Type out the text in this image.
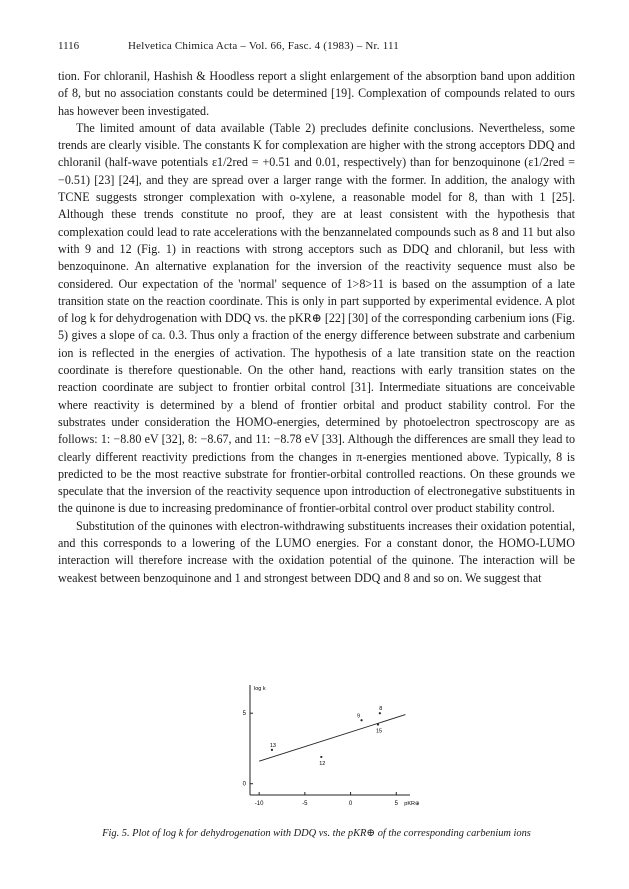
1116	Helvetica Chimica Acta – Vol. 66, Fasc. 4 (1983) – Nr. 111

tion. For chloranil, Hashish & Hoodless report a slight enlargement of the absorption band upon addition of 8, but no association constants could be determined [19]. Complexation of compounds related to ours has however been investigated.

The limited amount of data available (Table 2) precludes definite conclusions. Nevertheless, some trends are clearly visible. The constants K for complexation are higher with the strong acceptors DDQ and chloranil (half-wave potentials ε1/2red = +0.51 and 0.01, respectively) than for benzoquinone (ε1/2red = −0.51) [23] [24], and they are spread over a larger range with the former. In addition, the analogy with TCNE suggests stronger complexation with o-xylene, a reasonable model for 8, than with 1 [25]. Although these trends constitute no proof, they are at least consistent with the hypothesis that complexation could lead to rate accelerations with the benzannelated compounds such as 8 and 11 but also with 9 and 12 (Fig. 1) in reactions with strong acceptors such as DDQ and chloranil, but less with benzoquinone. An alternative explanation for the inversion of the reactivity sequence must also be considered. Our expectation of the 'normal' sequence of 1>8>11 is based on the assumption of a late transition state on the reaction coordinate. This is only in part supported by experimental evidence. A plot of log k for dehydrogenation with DDQ vs. the pKR⊕ [22] [30] of the corresponding carbenium ions (Fig. 5) gives a slope of ca. 0.3. Thus only a fraction of the energy difference between substrate and carbenium ion is reflected in the energies of activation. The hypothesis of a late transition state on the reaction coordinate is therefore questionable. On the other hand, reactions with early transition states on the reaction coordinate are subject to frontier orbital control [31]. Intermediate situations are conceivable where reactivity is determined by a blend of frontier orbital and product stability control. For the substrates under consideration the HOMO-energies, determined by photoelectron spectroscopy are as follows: 1: −8.80 eV [32], 8: −8.67, and 11: −8.78 eV [33]. Although the differences are small they lead to clearly different reactivity predictions from the changes in π-energies mentioned above. Typically, 8 is predicted to be the most reactive substrate for frontier-orbital controlled reactions. On these grounds we speculate that the inversion of the reactivity sequence upon introduction of electronegative substituents in the quinone is due to increasing predominance of frontier-orbital control over product stability control.

Substitution of the quinones with electron-withdrawing substituents increases their oxidation potential, and this corresponds to a lowering of the LUMO energies. For a constant donor, the HOMO-LUMO interaction will therefore increase with the oxidation potential of the quinone. The interaction will be weakest between benzoquinone and 1 and strongest between DDQ and 8 and so on. We suggest that

-10	-5	0	5
0
5
log k
pKR⊕
13
12
9
8
15
Fig. 5. Plot of log k for dehydrogenation with DDQ vs. the pKR⊕ of the corresponding carbenium ions
